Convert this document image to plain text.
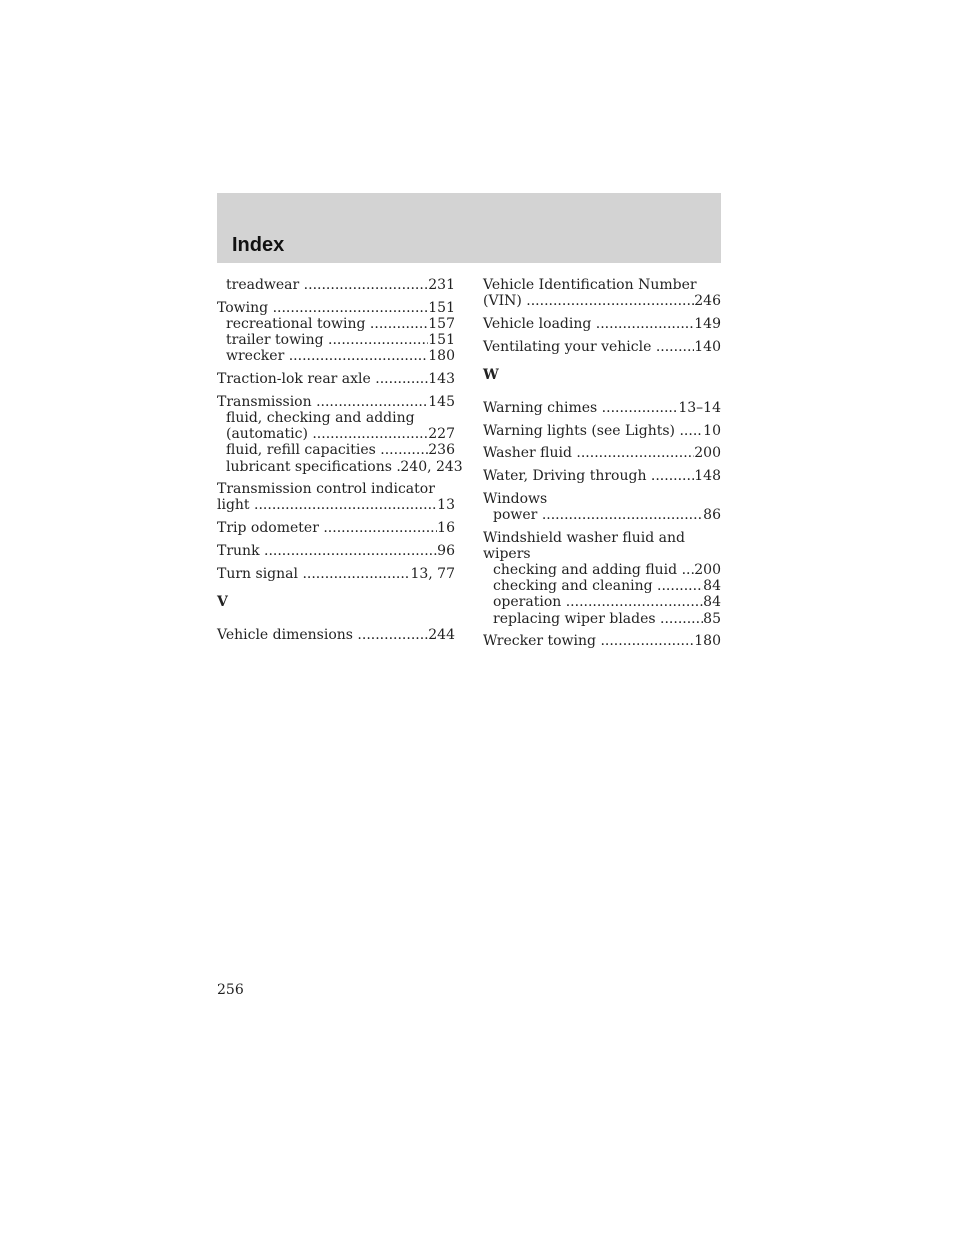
Index
treadwear .....	231
Towing .....	151
recreational towing .....	157
trailer towing .....	151
wrecker .....	180
Traction-lok rear axle .....	143
Transmission .....	145
fluid, checking and adding
(automatic) .....	227
fluid, refill capacities .....	236
lubricant specifications ..... 240, 243
Transmission control indicator
light .....	13
Trip odometer .....	16
Trunk .....	96
Turn signal .....	13, 77
V
Vehicle dimensions .....	244
Vehicle Identification Number
(VIN) .....	246
Vehicle loading .....	149
Ventilating your vehicle .....	140
W
Warning chimes .....	13–14
Warning lights (see Lights) ..... 10
Washer fluid .....	200
Water, Driving through .....	148
Windows
power .....	86
Windshield washer fluid and
wipers
checking and adding fluid ..... 200
checking and cleaning .....	84
operation .....	84
replacing wiper blades .....	85
Wrecker towing .....	180
256
